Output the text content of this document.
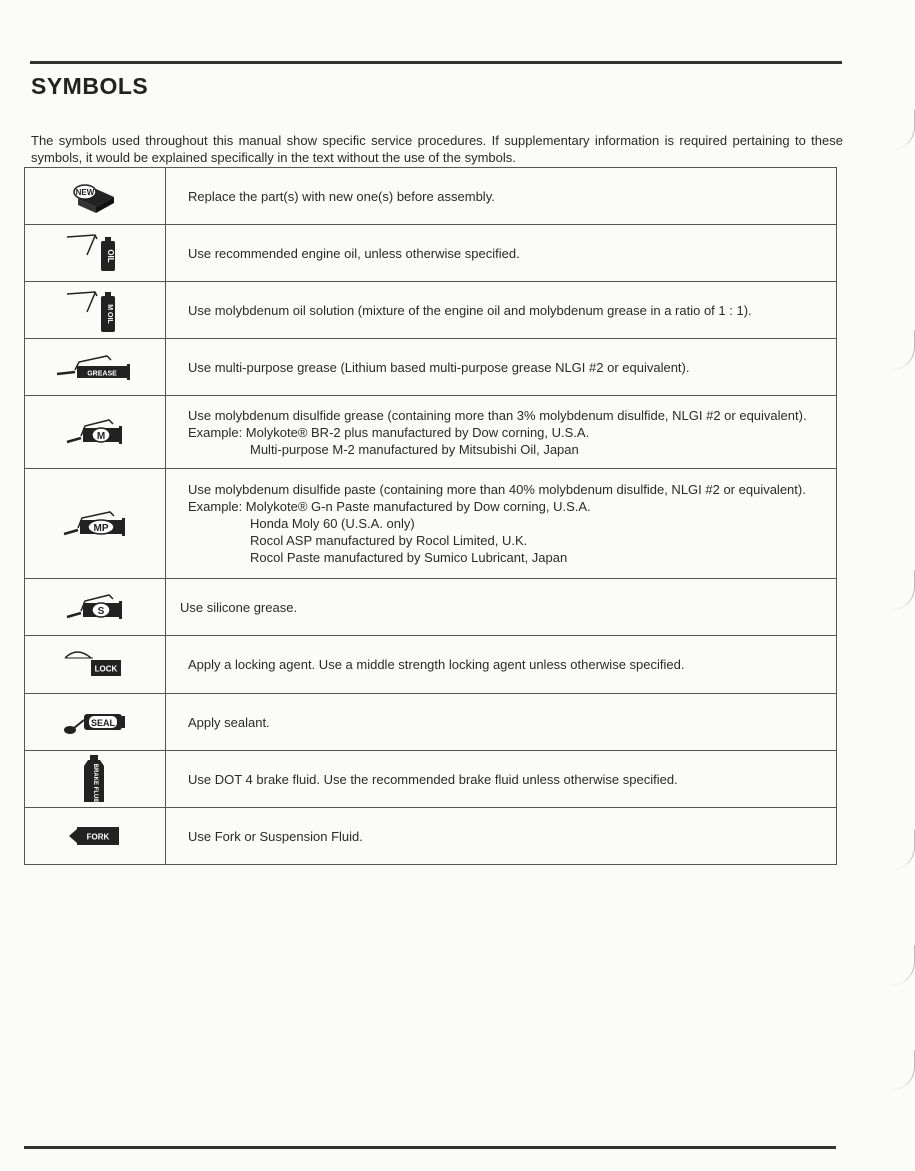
SYMBOLS

The symbols used throughout this manual show specific service procedures. If supplementary information is required pertaining to these symbols, it would be explained specifically in the text without the use of the symbols.

NEW	Replace the part(s) with new one(s) before assembly.

OIL	Use recommended engine oil, unless otherwise specified.

M OIL	Use molybdenum oil solution (mixture of the engine oil and molybdenum grease in a ratio of 1 : 1).

GREASE	Use multi-purpose grease (Lithium based multi-purpose grease NLGI #2 or equivalent).

M	Use molybdenum disulfide grease (containing more than 3% molybdenum disulfide, NLGI #2 or equivalent).
Example: Molykote® BR-2 plus manufactured by Dow corning, U.S.A.
Multi-purpose M-2 manufactured by Mitsubishi Oil, Japan

MP	Use molybdenum disulfide paste (containing more than 40% molybdenum disulfide, NLGI #2 or equivalent).
Example: Molykote® G-n Paste manufactured by Dow corning, U.S.A.
Honda Moly 60 (U.S.A. only)
Rocol ASP manufactured by Rocol Limited, U.K.
Rocol Paste manufactured by Sumico Lubricant, Japan

S	Use silicone grease.

LOCK	Apply a locking agent. Use a middle strength locking agent unless otherwise specified.

SEAL	Apply sealant.

BRAKE FLUID	Use DOT 4 brake fluid. Use the recommended brake fluid unless otherwise specified.

FORK	Use Fork or Suspension Fluid.
